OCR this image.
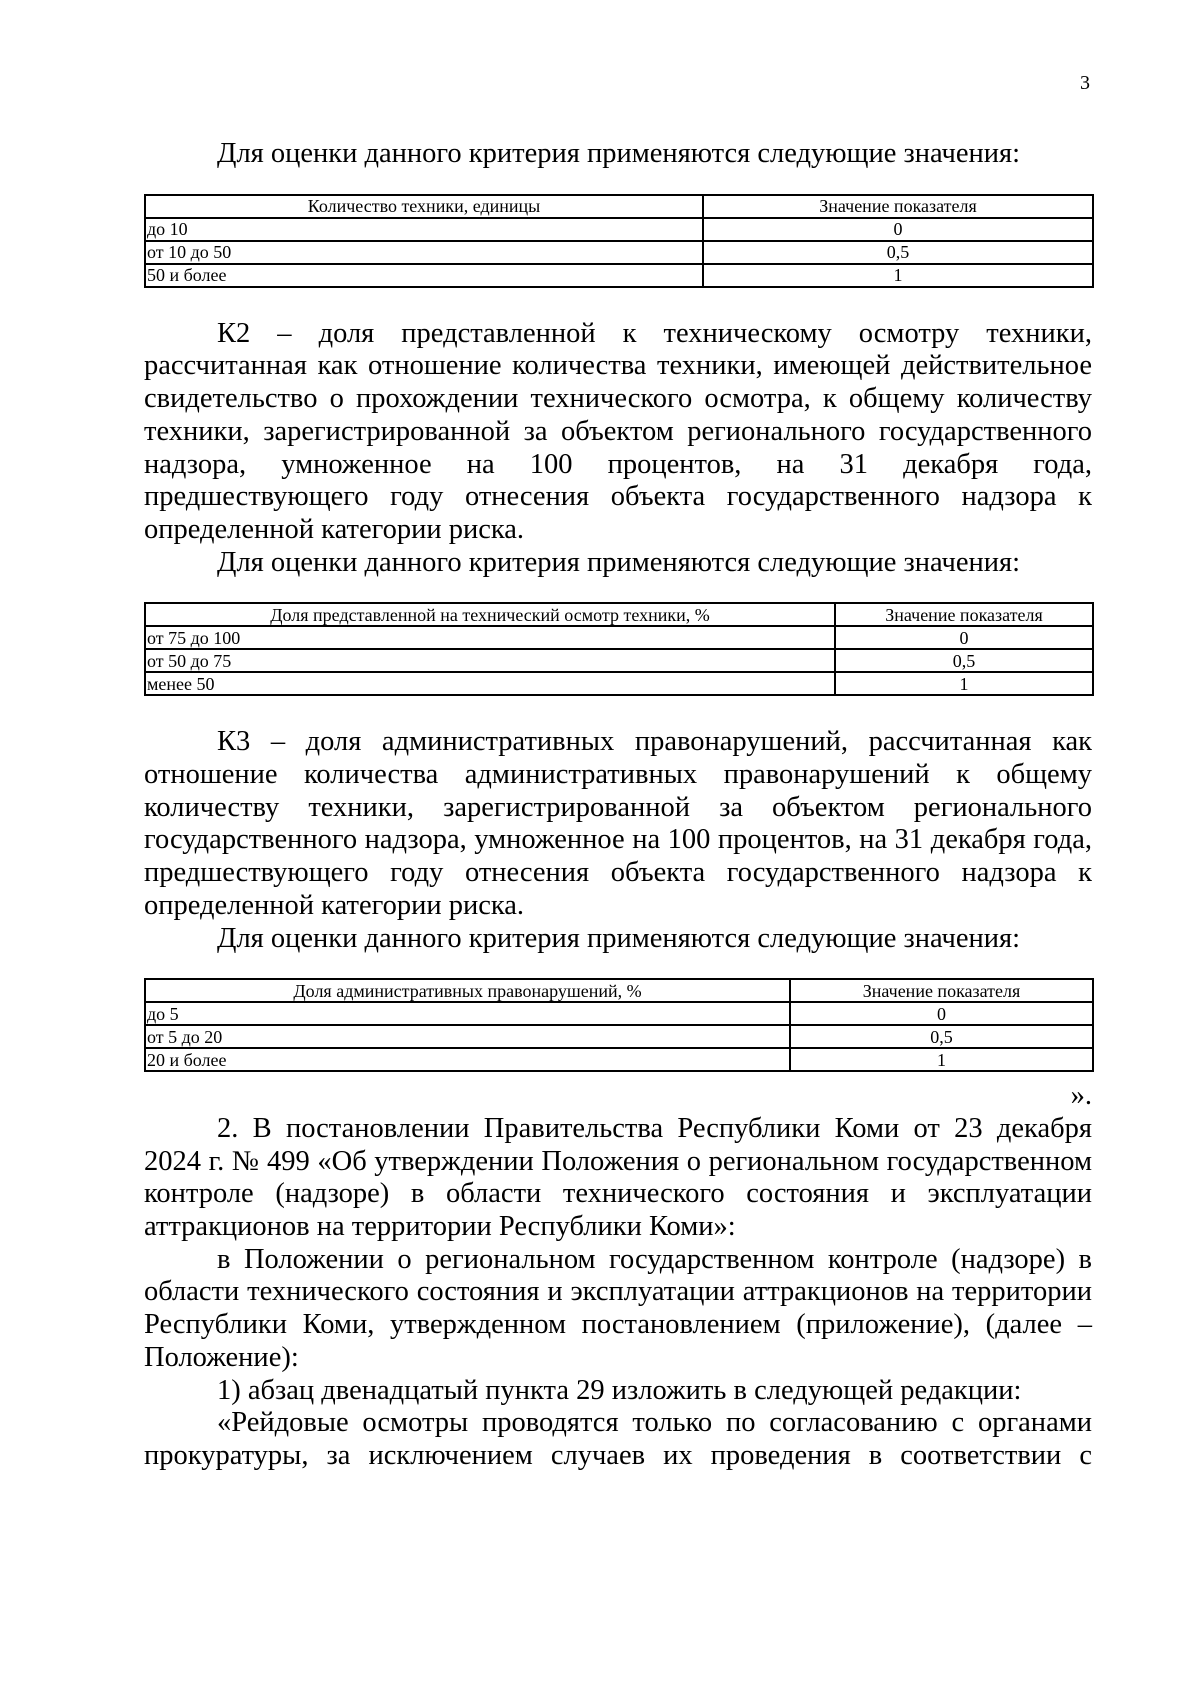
3

Для оценки данного критерия применяются следующие значения:

Количество техники, единицы	Значение показателя
до 10	0
от 10 до 50	0,5
50 и более	1

К2 – доля представленной к техническому осмотру техники, рассчитанная как отношение количества техники, имеющей действительное свидетельство о прохождении технического осмотра, к общему количеству техники, зарегистрированной за объектом регионального государственного надзора, умноженное на 100 процентов, на 31 декабря года, предшествующего году отнесения объекта государственного надзора к определенной категории риска.

Для оценки данного критерия применяются следующие значения:

Доля представленной на технический осмотр техники, %	Значение показателя
от 75 до 100	0
от 50 до 75	0,5
менее 50	1

К3 – доля административных правонарушений, рассчитанная как отношение количества административных правонарушений к общему количеству техники, зарегистрированной за объектом регионального государственного надзора, умноженное на 100 процентов, на 31 декабря года, предшествующего году отнесения объекта государственного надзора к определенной категории риска.

Для оценки данного критерия применяются следующие значения:

Доля административных правонарушений, %	Значение показателя
до 5	0
от 5 до 20	0,5
20 и более	1
».

2. В постановлении Правительства Республики Коми от 23 декабря 2024 г. № 499 «Об утверждении Положения о региональном государственном контроле (надзоре) в области технического состояния и эксплуатации аттракционов на территории Республики Коми»:

в Положении о региональном государственном контроле (надзоре) в области технического состояния и эксплуатации аттракционов на территории Республики Коми, утвержденном постановлением (приложение), (далее – Положение):

1) абзац двенадцатый пункта 29 изложить в следующей редакции:

«Рейдовые осмотры проводятся только по согласованию с органами прокуратуры, за исключением случаев их проведения в соответствии с
